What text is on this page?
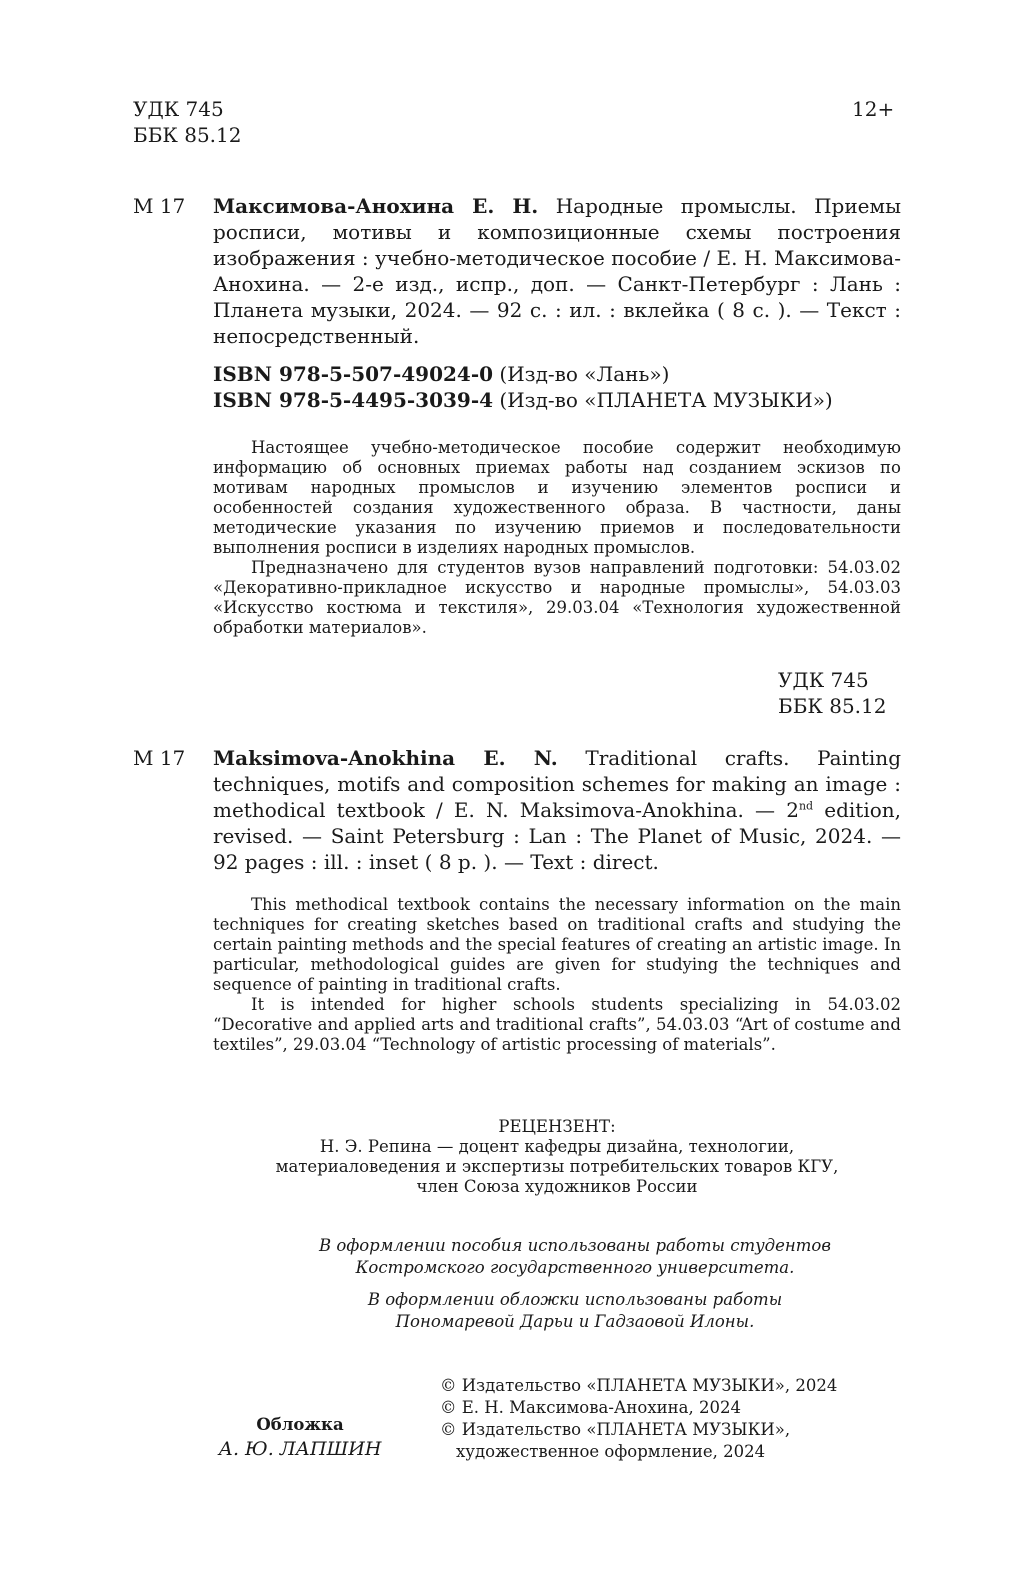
УДК 745
ББК 85.12
12+
М 17 Максимова-Анохина Е. Н. Народные промыслы. Приемы росписи, мотивы и композиционные схемы построения изображения : учебно-методическое пособие / Е. Н. Максимова-Анохина. — 2-е изд., испр., доп. — Санкт-Петербург : Лань : Планета музыки, 2024. — 92 с. : ил. : вклейка ( 8 с. ). — Текст : непосредственный.

ISBN 978-5-507-49024-0 (Изд-во «Лань»)
ISBN 978-5-4495-3039-4 (Изд-во «ПЛАНЕТА МУЗЫКИ»)

Настоящее учебно-методическое пособие содержит необходимую информацию об основных приемах работы над созданием эскизов по мотивам народных промыслов и изучению элементов росписи и особенностей создания художественного образа. В частности, даны методические указания по изучению приемов и последовательности выполнения росписи в изделиях народных промыслов.

Предназначено для студентов вузов направлений подготовки: 54.03.02 «Декоративно-прикладное искусство и народные промыслы», 54.03.03 «Искусство костюма и текстиля», 29.03.04 «Технология художественной обработки материалов».

УДК 745
ББК 85.12
М 17 Maksimova-Anokhina E. N. Traditional crafts. Painting techniques, motifs and composition schemes for making an image : methodical textbook / E. N. Maksimova-Anokhina. — 2nd edition, revised. — Saint Petersburg : Lan : The Planet of Music, 2024. — 92 pages : ill. : inset ( 8 p. ). — Text : direct.

This methodical textbook contains the necessary information on the main techniques for creating sketches based on traditional crafts and studying the certain painting methods and the special features of creating an artistic image. In particular, methodological guides are given for studying the techniques and sequence of painting in traditional crafts.

It is intended for higher schools students specializing in 54.03.02 “Decorative and applied arts and traditional crafts”, 54.03.03 “Art of costume and textiles”, 29.03.04 “Technology of artistic processing of materials”.

РЕЦЕНЗЕНТ:
Н. Э. Репина — доцент кафедры дизайна, технологии,
материаловедения и экспертизы потребительских товаров КГУ,
член Союза художников России
В оформлении пособия использованы работы студентов
Костромского государственного университета.
В оформлении обложки использованы работы
Пономаревой Дарьи и Гадзаовой Илоны.
Обложка
А. Ю. ЛАПШИН
© Издательство «ПЛАНЕТА МУЗЫКИ», 2024
© Е. Н. Максимова-Анохина, 2024
© Издательство «ПЛАНЕТА МУЗЫКИ»,
художественное оформление, 2024
